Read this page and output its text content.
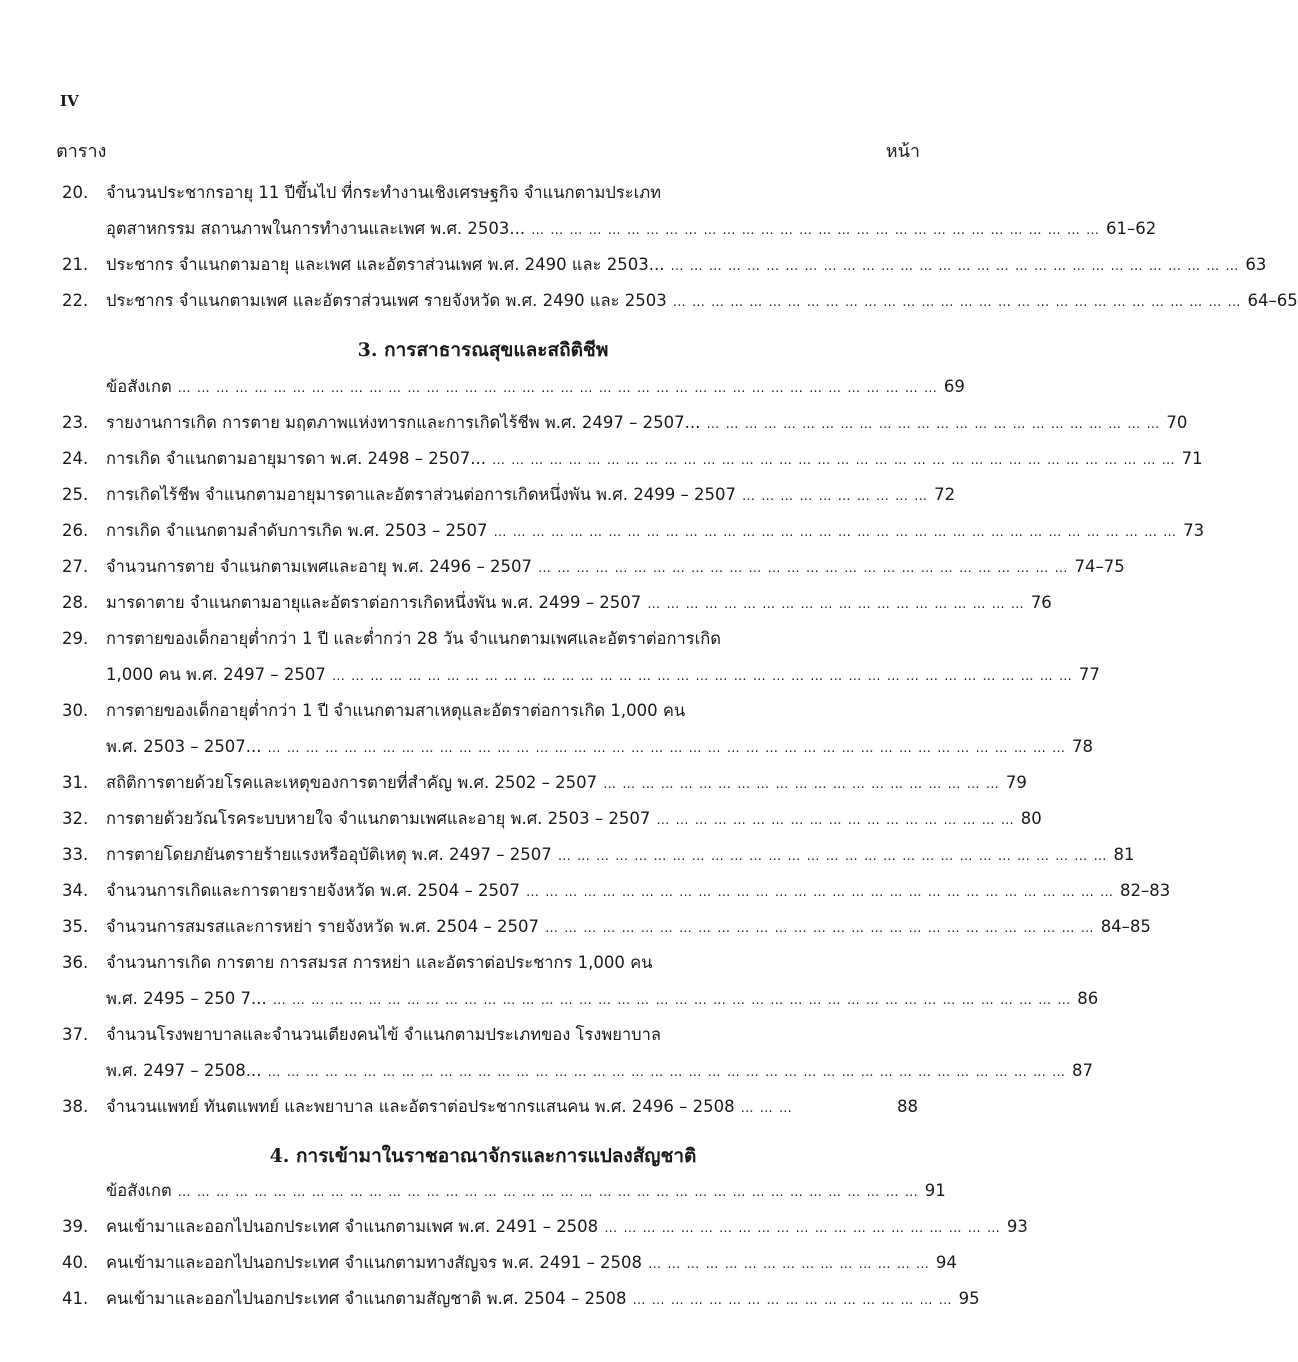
IV
ตาราง	หน้า
20.	จำนวนประชากรอายุ 11 ปีขึ้นไป ที่กระทำงานเชิงเศรษฐกิจ จำแนกตามประเภท
อุตสาหกรรม สถานภาพในการทำงานและเพศ พ.ศ. 2503... … … … … … … … … … … … … … … … … … … … … … … … … … … … … … … 61–62
21.	ประชากร จำแนกตามอายุ และเพศ และอัตราส่วนเพศ พ.ศ. 2490 และ 2503... … … … … … … … … … … … … … … … … … … … … … … … … … … … … … … 63
22.	ประชากร จำแนกตามเพศ และอัตราส่วนเพศ รายจังหวัด พ.ศ. 2490 และ 2503 … … … … … … … … … … … … … … … … … … … … … … … … … … … … … … 64–65
3. การสาธารณสุขและสถิติชีพ
ข้อสังเกต … … … … … … … … … … … … … … … … … … … … … … … … … … … … … … … … … … … … … … … … 69
23.	รายงานการเกิด การตาย มฤตภาพแห่งทารกและการเกิดไร้ชีพ พ.ศ. 2497 – 2507... … … … … … … … … … … … … … … … … … … … … … … … … 70
24.	การเกิด จำแนกตามอายุมารดา พ.ศ. 2498 – 2507... … … … … … … … … … … … … … … … … … … … … … … … … … … … … … … … … … … … … 71
25.	การเกิดไร้ชีพ จำแนกตามอายุมารดาและอัตราส่วนต่อการเกิดหนึ่งพัน พ.ศ. 2499 – 2507 … … … … … … … … … … 72
26.	การเกิด จำแนกตามลำดับการเกิด พ.ศ. 2503 – 2507 … … … … … … … … … … … … … … … … … … … … … … … … … … … … … … … … … … … … 73
27.	จำนวนการตาย จำแนกตามเพศและอายุ พ.ศ. 2496 – 2507 … … … … … … … … … … … … … … … … … … … … … … … … … … … … 74–75
28.	มารดาตาย จำแนกตามอายุและอัตราต่อการเกิดหนึ่งพัน พ.ศ. 2499 – 2507 … … … … … … … … … … … … … … … … … … … … 76
29.	การตายของเด็กอายุต่ำกว่า 1 ปี และต่ำกว่า 28 วัน จำแนกตามเพศและอัตราต่อการเกิด
1,000 คน พ.ศ. 2497 – 2507 … … … … … … … … … … … … … … … … … … … … … … … … … … … … … … … … … … … … … … … 77
30.	การตายของเด็กอายุต่ำกว่า 1 ปี จำแนกตามสาเหตุและอัตราต่อการเกิด 1,000 คน
พ.ศ. 2503 – 2507... … … … … … … … … … … … … … … … … … … … … … … … … … … … … … … … … … … … … … … … … … … 78
31.	สถิติการตายด้วยโรคและเหตุของการตายที่สำคัญ พ.ศ. 2502 – 2507 … … … … … … … … … … … … … … … … … … … … … 79
32.	การตายด้วยวัณโรคระบบหายใจ จำแนกตามเพศและอายุ พ.ศ. 2503 – 2507 … … … … … … … … … … … … … … … … … … … 80
33.	การตายโดยภยันตรายร้ายแรงหรืออุบัติเหตุ พ.ศ. 2497 – 2507 … … … … … … … … … … … … … … … … … … … … … … … … … … … … … 81
34.	จำนวนการเกิดและการตายรายจังหวัด พ.ศ. 2504 – 2507 … … … … … … … … … … … … … … … … … … … … … … … … … … … … … … … 82–83
35.	จำนวนการสมรสและการหย่า รายจังหวัด พ.ศ. 2504 – 2507 … … … … … … … … … … … … … … … … … … … … … … … … … … … … … 84–85
36.	จำนวนการเกิด การตาย การสมรส การหย่า และอัตราต่อประชากร 1,000 คน
พ.ศ. 2495 – 250 7... … … … … … … … … … … … … … … … … … … … … … … … … … … … … … … … … … … … … … … … … … … 86
37.	จำนวนโรงพยาบาลและจำนวนเตียงคนไข้ จำแนกตามประเภทของ โรงพยาบาล
พ.ศ. 2497 – 2508... … … … … … … … … … … … … … … … … … … … … … … … … … … … … … … … … … … … … … … … … … … 87
38.	จำนวนแพทย์ ทันตแพทย์ และพยาบาล และอัตราต่อประชากรแสนคน พ.ศ. 2496 – 2508 … … …	88
4. การเข้ามาในราชอาณาจักรและการแปลงสัญชาติ
ข้อสังเกต … … … … … … … … … … … … … … … … … … … … … … … … … … … … … … … … … … … … … … … 91
39.	คนเข้ามาและออกไปนอกประเทศ จำแนกตามเพศ พ.ศ. 2491 – 2508 … … … … … … … … … … … … … … … … … … … … … 93
40.	คนเข้ามาและออกไปนอกประเทศ จำแนกตามทางสัญจร พ.ศ. 2491 – 2508 … … … … … … … … … … … … … … … 94
41.	คนเข้ามาและออกไปนอกประเทศ จำแนกตามสัญชาติ พ.ศ. 2504 – 2508 … … … … … … … … … … … … … … … … … 95
